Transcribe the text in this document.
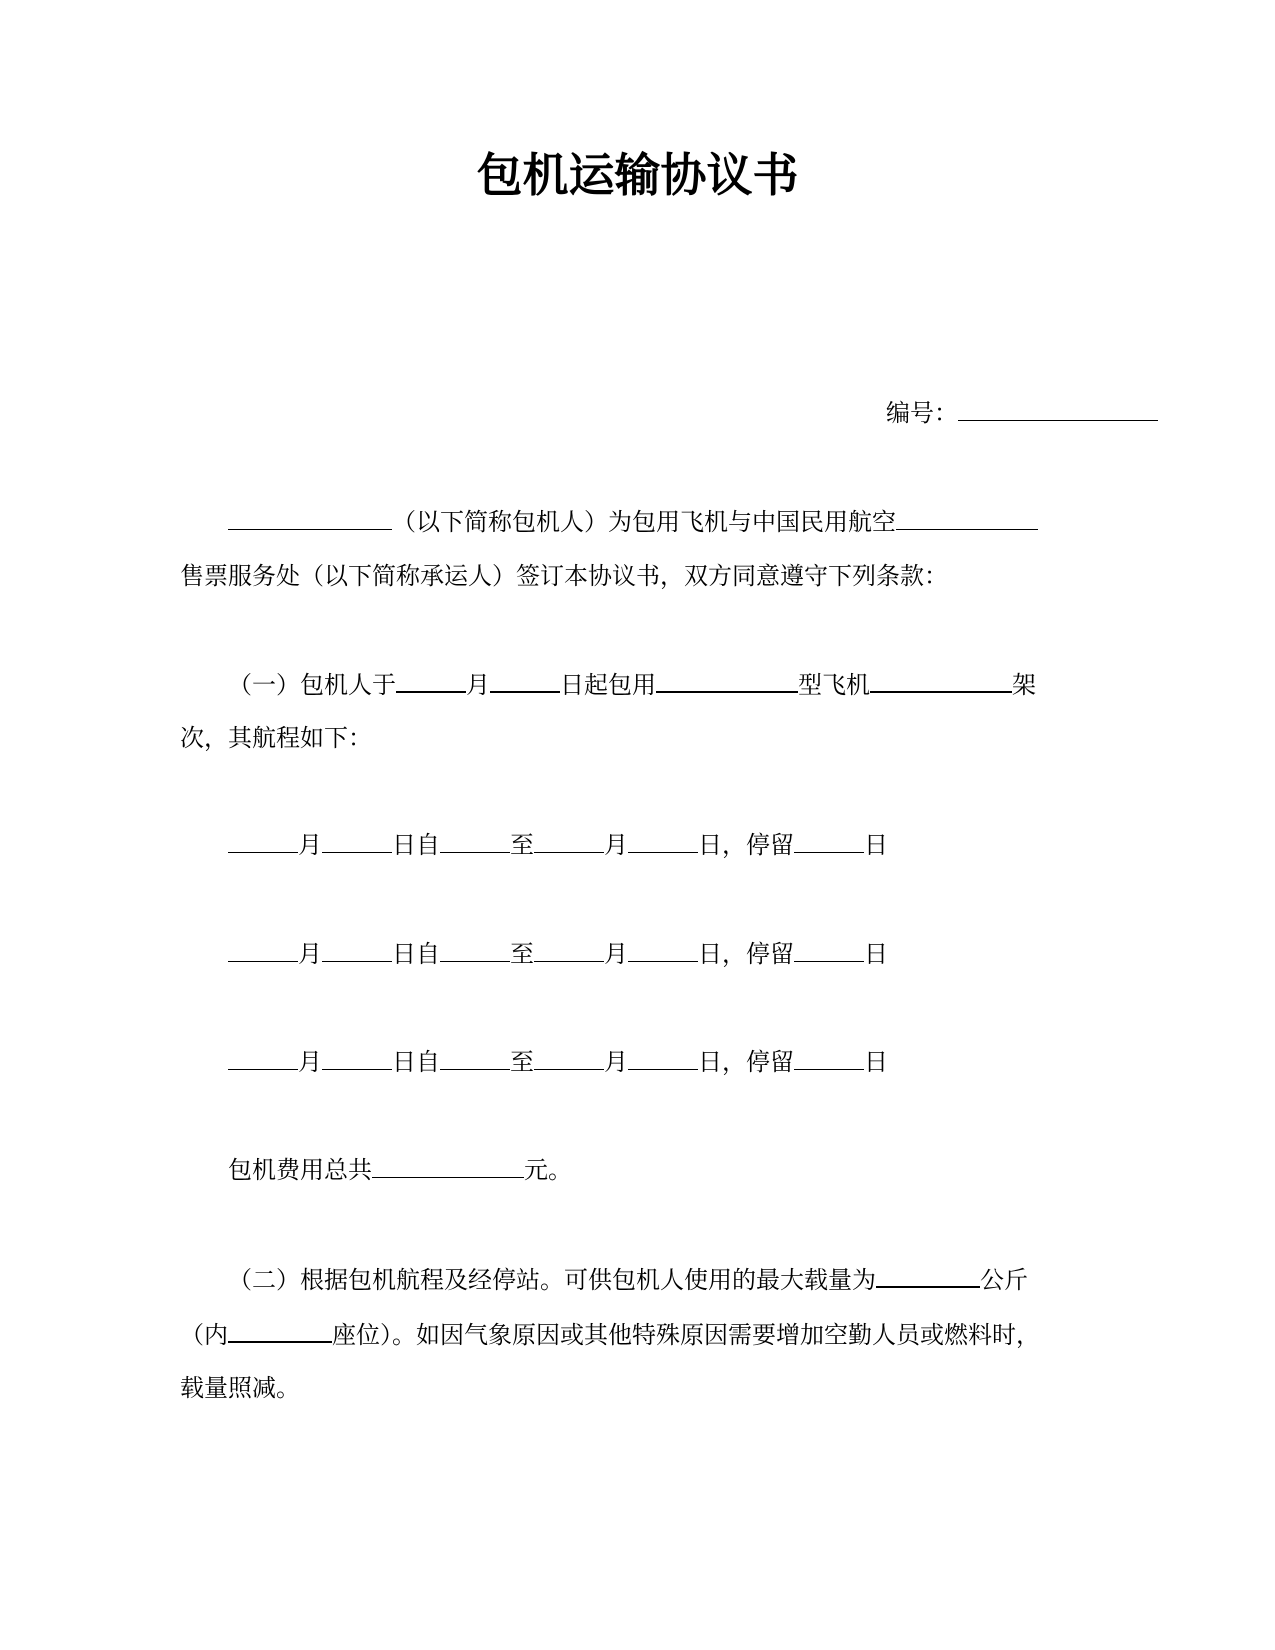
包机运输协议书
编号：
（以下简称包机人）为包用飞机与中国民用航空
售票服务处（以下简称承运人）签订本协议书，双方同意遵守下列条款：
（一）包机人于	月	日起包用	型飞机	架
次，其航程如下：
月	日自	至	月	日，停留	日
月	日自	至	月	日，停留	日
月	日自	至	月	日，停留	日
包机费用总共	元。
（二）根据包机航程及经停站。可供包机人使用的最大载量为	公斤
（内	座位）。如因气象原因或其他特殊原因需要增加空勤人员或燃料时，
载量照减。
